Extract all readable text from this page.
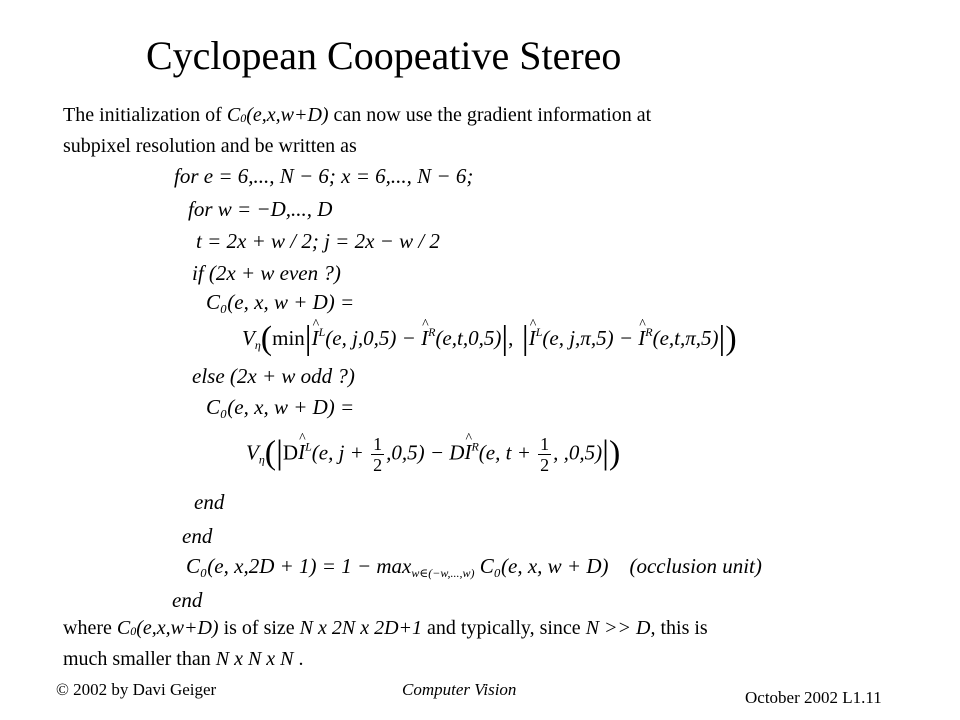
Cyclopean Coopeative Stereo
The initialization of C0(e,x,w+D) can now use the gradient information at
subpixel resolution and be written as
for e = 6,..., N − 6; x = 6,..., N − 6;
for w = −D,..., D
t = 2x + w / 2; j = 2x − w / 2
if (2x + w even ?)
C₀(e, x, w + D) =
Vη(min|^ $I^L(e$, j,0,5) − ^ $I^R(e,t,0,5)|$, |^ $I^L(e$, j,π,5) − ^ $I^R(e,t,\pi,5)|$)
else (2x + w odd ?)
C₀(e, x, w + D) =
Vη(|D^ $I^L(e$, $j + \frac{1}{2} ,0,5$) − D^ $I^R(e$, $t + \frac{1}{2}$ , ,0,5)|)
end
end
C₀(e, x,2D + 1) = 1 − maxw∈(−w,...,w) C₀(e, x, w + D) (occlusion unit)
end
where C0(e,x,w+D) is of size N x 2N x 2D+1 and typically, since N >> D, this is
much smaller than N x N x N .
© 2002 by Davi Geiger	Computer Vision	October 2002 L1.11
